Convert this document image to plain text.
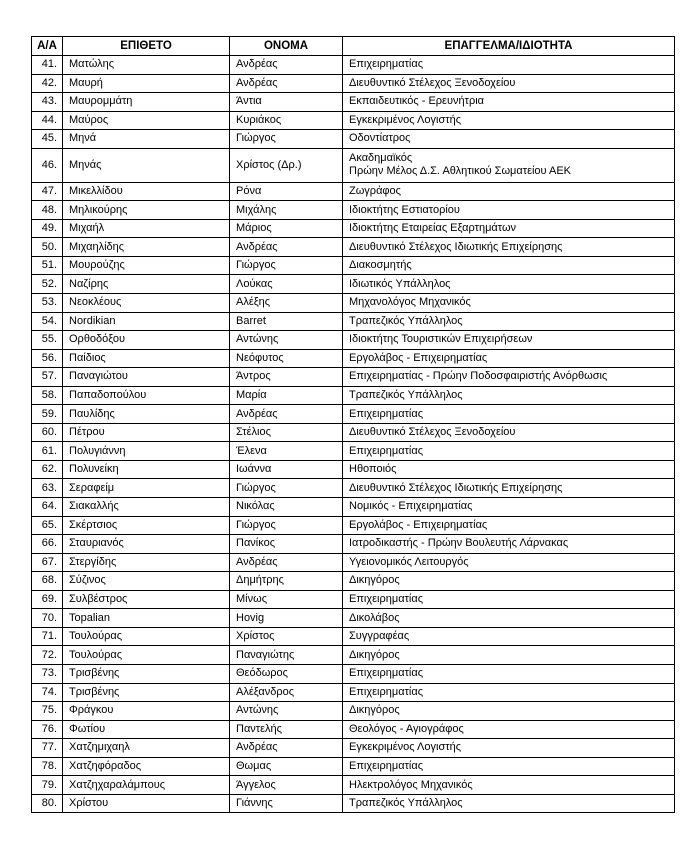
Α/Α	ΕΠΙΘΕΤΟ	ΟΝΟΜΑ	ΕΠΑΓΓΕΛΜΑ/ΙΔΙΟΤΗΤΑ
41.	Ματώλης	Ανδρέας	Επιχειρηματίας

42.	Μαυρή	Ανδρέας	Διευθυντικό Στέλεχος Ξενοδοχείου

43.	Μαυρομμάτη	Άντια	Εκπαιδευτικός - Ερευνήτρια

44.	Μαύρος	Κυριάκος	Εγκεκριμένος Λογιστής

45.	Μηνά	Γιώργος	Οδοντίατρος

46.	Μηνάς	Χρίστος (Δρ.)	Ακαδημαϊκός
Πρώην Μέλος Δ.Σ. Αθλητικού Σωματείου ΑΕΚ

47.	Μικελλίδου	Ρόνα	Ζωγράφος

48.	Μηλικούρης	Μιχάλης	Ιδιοκτήτης Εστιατορίου

49.	Μιχαήλ	Μάριος	Ιδιοκτήτης Εταιρείας Εξαρτημάτων

50.	Μιχαηλίδης	Ανδρέας	Διευθυντικό Στέλεχος Ιδιωτικής Επιχείρησης

51.	Μουρούζης	Γιώργος	Διακοσμητής

52.	Ναζίρης	Λούκας	Ιδιωτικός Υπάλληλος

53.	Νεοκλέους	Αλέξης	Μηχανολόγος Μηχανικός

54.	Nordikian	Barret	Τραπεζικός Υπάλληλος

55.	Ορθοδόξου	Αντώνης	Ιδιοκτήτης Τουριστικών Επιχειρήσεων

56.	Παίδιος	Νεόφυτος	Εργολάβος - Επιχειρηματίας

57.	Παναγιώτου	Άντρος	Επιχειρηματίας - Πρώην Ποδοσφαιριστής Ανόρθωσις

58.	Παπαδοπούλου	Μαρία	Τραπεζικός Υπάλληλος

59.	Παυλίδης	Ανδρέας	Επιχειρηματίας

60.	Πέτρου	Στέλιος	Διευθυντικό Στέλεχος Ξενοδοχείου

61.	Πολυγιάννη	Έλενα	Επιχειρηματίας

62.	Πολυνείκη	Ιωάννα	Ηθοποιός

63.	Σεραφείμ	Γιώργος	Διευθυντικό Στέλεχος Ιδιωτικής Επιχείρησης

64.	Σιακαλλής	Νικόλας	Νομικός - Επιχειρηματίας

65.	Σκέρτσιος	Γιώργος	Εργολάβος - Επιχειρηματίας

66.	Σταυριανός	Πανίκος	Ιατροδικαστής - Πρώην Βουλευτής Λάρνακας

67.	Στεργίδης	Ανδρέας	Υγειονομικός Λειτουργός

68.	Σύζινος	Δημήτρης	Δικηγόρος

69.	Συλβέστρος	Μίνως	Επιχειρηματίας

70.	Topalian	Hovig	Δικολάβος

71.	Τουλούρας	Χρίστος	Συγγραφέας

72.	Τουλούρας	Παναγιώτης	Δικηγόρος

73.	Τρισβένης	Θεόδωρος	Επιχειρηματίας

74.	Τρισβένης	Αλέξανδρος	Επιχειρηματίας

75.	Φράγκου	Αντώνης	Δικηγόρος

76.	Φωτίου	Παντελής	Θεολόγος - Αγιογράφος

77.	Χατζημιχαηλ	Ανδρέας	Εγκεκριμένος Λογιστής

78.	Χατζηφόραδος	Θωμας	Επιχειρηματίας

79.	Χατζηχαραλάμπους	Άγγελος	Ηλεκτρολόγος Μηχανικός

80.	Χρίστου	Γιάννης	Τραπεζικός Υπάλληλος
